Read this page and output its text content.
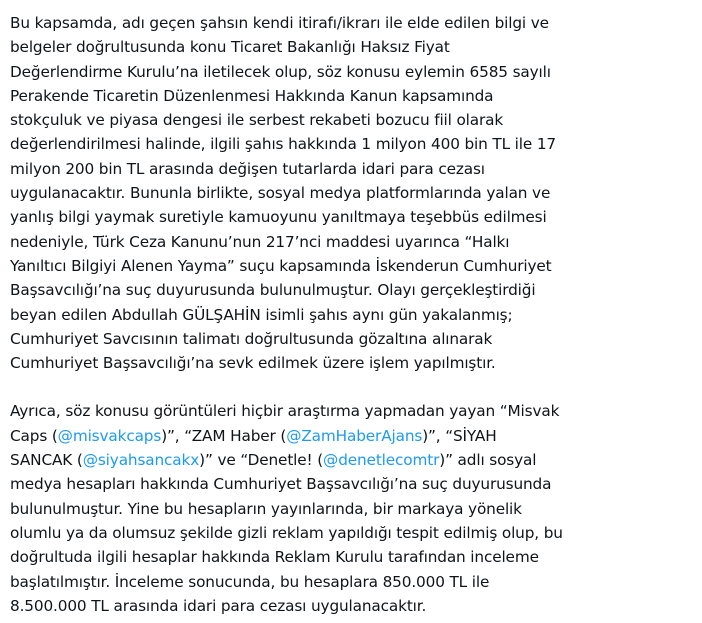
Bu kapsamda, adı geçen şahsın kendi itirafı/ikrarı ile elde edilen bilgi ve
belgeler doğrultusunda konu Ticaret Bakanlığı Haksız Fiyat
Değerlendirme Kurulu’na iletilecek olup, söz konusu eylemin 6585 sayılı
Perakende Ticaretin Düzenlenmesi Hakkında Kanun kapsamında
stokçuluk ve piyasa dengesi ile serbest rekabeti bozucu fiil olarak
değerlendirilmesi halinde, ilgili şahıs hakkında 1 milyon 400 bin TL ile 17
milyon 200 bin TL arasında değişen tutarlarda idari para cezası
uygulanacaktır. Bununla birlikte, sosyal medya platformlarında yalan ve
yanlış bilgi yaymak suretiyle kamuoyunu yanıltmaya teşebbüs edilmesi
nedeniyle, Türk Ceza Kanunu’nun 217’nci maddesi uyarınca “Halkı
Yanıltıcı Bilgiyi Alenen Yayma” suçu kapsamında İskenderun Cumhuriyet
Başsavcılığı’na suç duyurusunda bulunulmuştur. Olayı gerçekleştirdiği
beyan edilen Abdullah GÜLŞAHİN isimli şahıs aynı gün yakalanmış;
Cumhuriyet Savcısının talimatı doğrultusunda gözaltına alınarak
Cumhuriyet Başsavcılığı’na sevk edilmek üzere işlem yapılmıştır.

Ayrıca, söz konusu görüntüleri hiçbir araştırma yapmadan yayan “Misvak
Caps (@misvakcaps)”, “ZAM Haber (@ZamHaberAjans)”, “SİYAH
SANCAK (@siyahsancakx)” ve “Denetle! (@denetlecomtr)” adlı sosyal
medya hesapları hakkında Cumhuriyet Başsavcılığı’na suç duyurusunda
bulunulmuştur. Yine bu hesapların yayınlarında, bir markaya yönelik
olumlu ya da olumsuz şekilde gizli reklam yapıldığı tespit edilmiş olup, bu
doğrultuda ilgili hesaplar hakkında Reklam Kurulu tarafından inceleme
başlatılmıştır. İnceleme sonucunda, bu hesaplara 850.000 TL ile
8.500.000 TL arasında idari para cezası uygulanacaktır.
